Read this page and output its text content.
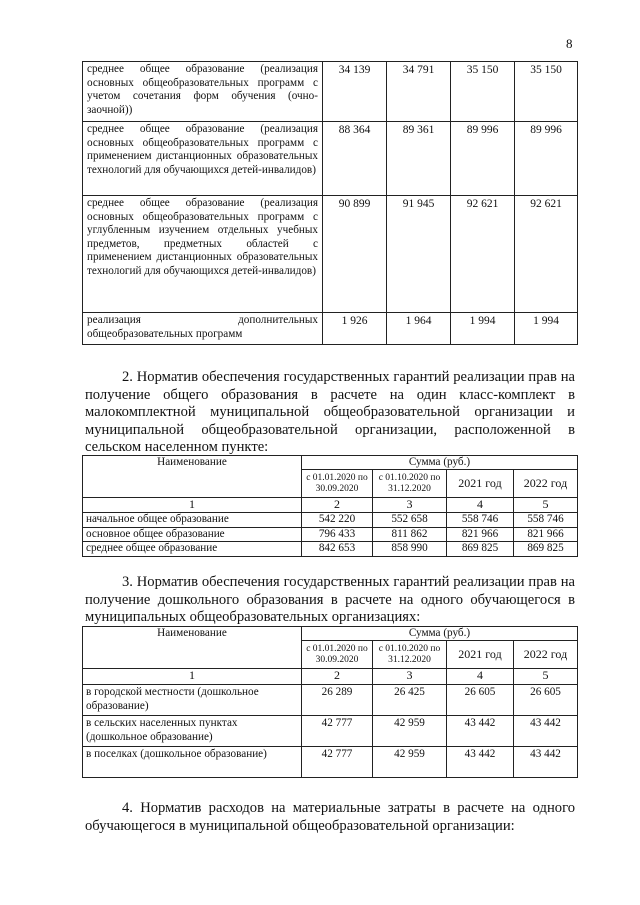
8
среднее общее образование (реализация основных общеобразовательных программ с учетом сочетания форм обучения (очно-заочной))	34 139	34 791	35 150	35 150
среднее общее образование (реализация основных общеобразовательных программ с применением дистанционных образовательных технологий для обучающихся детей-инвалидов)	88 364	89 361	89 996	89 996
среднее общее образование (реализация основных общеобразовательных программ с углубленным изучением отдельных учебных предметов, предметных областей с применением дистанционных образовательных технологий для обучающихся детей-инвалидов)	90 899	91 945	92 621	92 621
реализация дополнительных общеобразовательных программ	1 926	1 964	1 994	1 994

2. Норматив обеспечения государственных гарантий реализации прав на получение общего образования в расчете на один класс-комплект в малокомплектной муниципальной общеобразовательной организации и муниципальной общеобразовательной организации, расположенной в сельском населенном пункте:

Наименование	Сумма (руб.)			
	с 01.01.2020 по 30.09.2020	с 01.10.2020 по 31.12.2020	2021 год	2022 год
1	2	3	4	5
начальное общее образование	542 220	552 658	558 746	558 746
основное общее образование	796 433	811 862	821 966	821 966
среднее общее образование	842 653	858 990	869 825	869 825

3. Норматив обеспечения государственных гарантий реализации прав на получение дошкольного образования в расчете на одного обучающегося в муниципальных общеобразовательных организациях:

Наименование	Сумма (руб.)			
	с 01.01.2020 по 30.09.2020	с 01.10.2020 по 31.12.2020	2021 год	2022 год
1	2	3	4	5
в городской местности (дошкольное образование)	26 289	26 425	26 605	26 605
в сельских населенных пунктах (дошкольное образование)	42 777	42 959	43 442	43 442
в поселках (дошкольное образование)	42 777	42 959	43 442	43 442

4. Норматив расходов на материальные затраты в расчете на одного обучающегося в муниципальной общеобразовательной организации:
